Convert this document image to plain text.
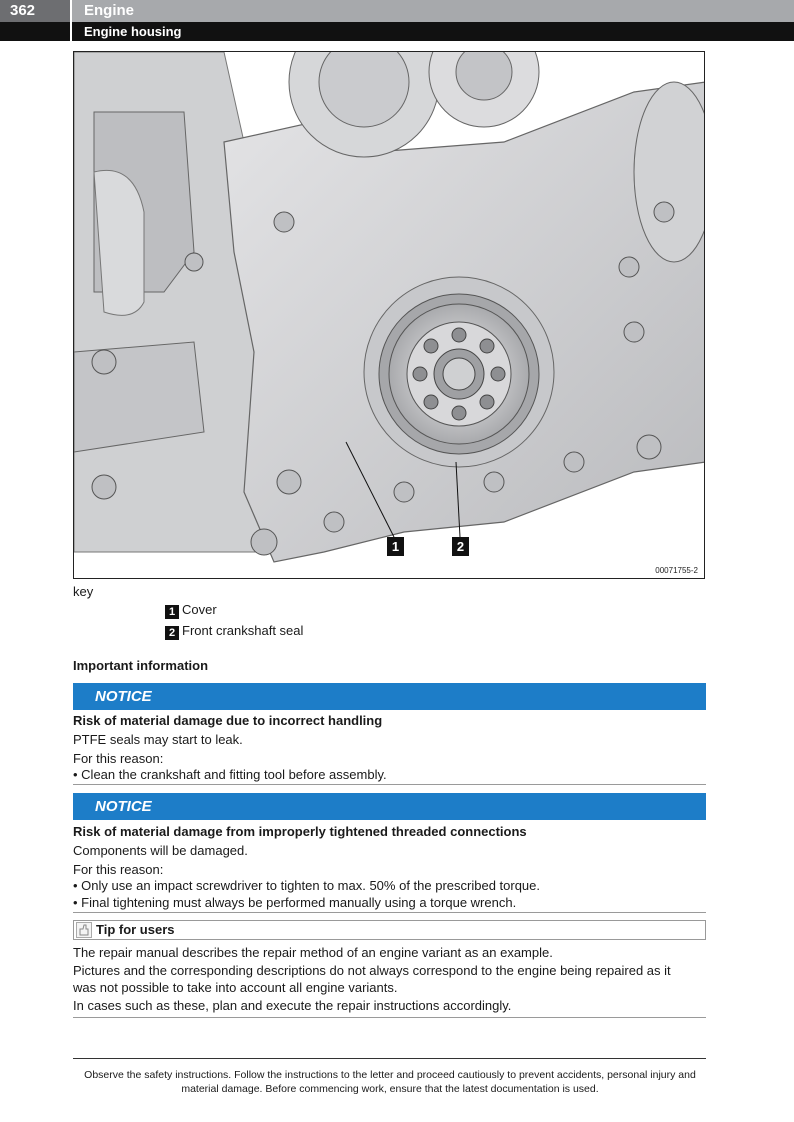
362	Engine
Engine housing
1	2
00071755-2
key
1 Cover
2 Front crankshaft seal
Important information
NOTICE
Risk of material damage due to incorrect handling
PTFE seals may start to leak.
For this reason:
• Clean the crankshaft and fitting tool before assembly.
NOTICE
Risk of material damage from improperly tightened threaded connections
Components will be damaged.
For this reason:
• Only use an impact screwdriver to tighten to max. 50% of the prescribed torque.
• Final tightening must always be performed manually using a torque wrench.
Tip for users
The repair manual describes the repair method of an engine variant as an example.
Pictures and the corresponding descriptions do not always correspond to the engine being repaired as it
was not possible to take into account all engine variants.
In cases such as these, plan and execute the repair instructions accordingly.
Observe the safety instructions. Follow the instructions to the letter and proceed cautiously to prevent accidents, personal injury and
material damage. Before commencing work, ensure that the latest documentation is used.
